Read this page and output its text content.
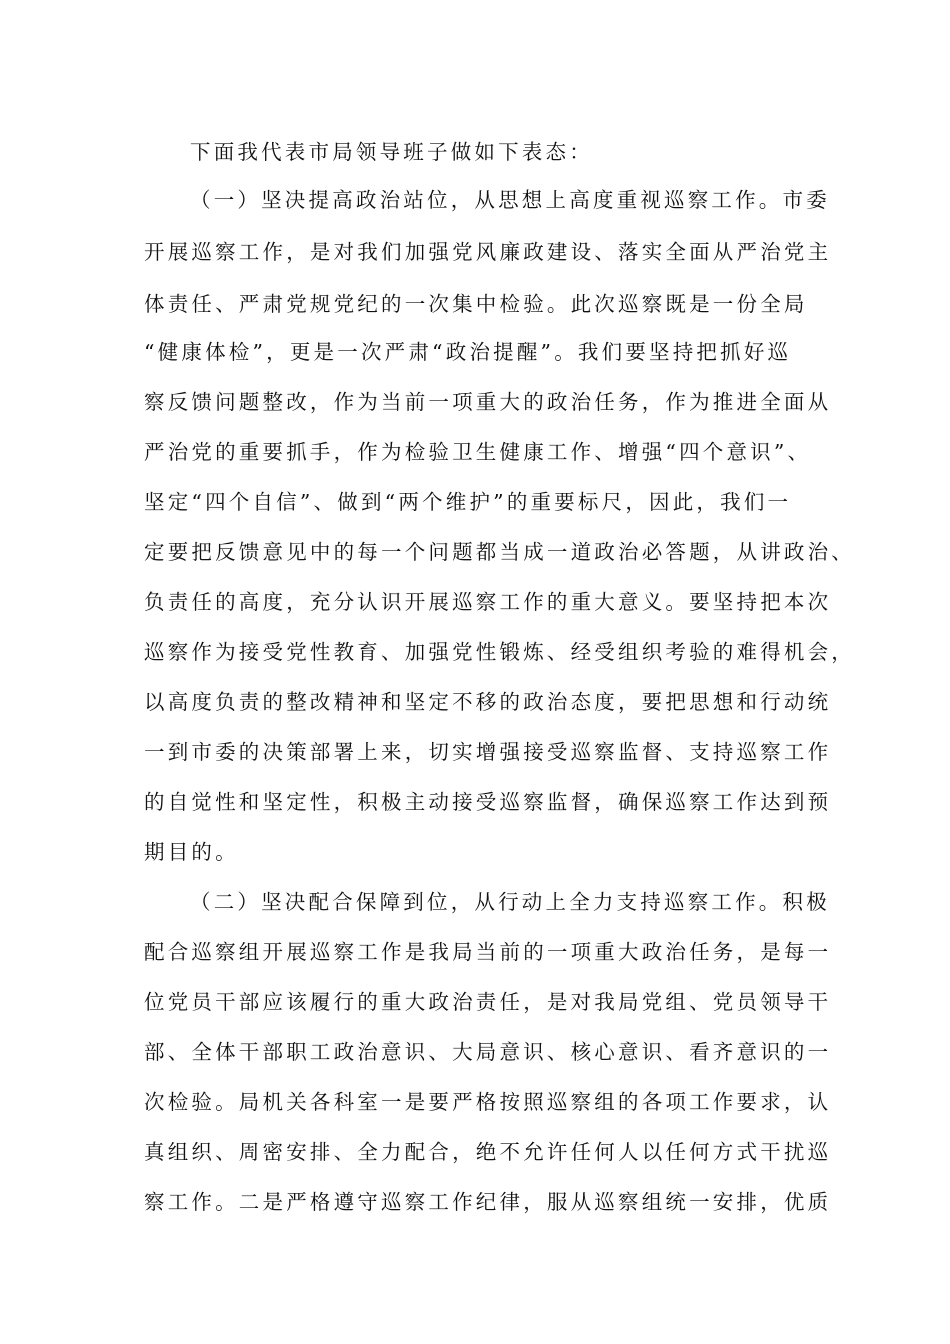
下面我代表市局领导班子做如下表态：
（一）坚决提高政治站位，从思想上高度重视巡察工作。市委
开展巡察工作，是对我们加强党风廉政建设、落实全面从严治党主
体责任、严肃党规党纪的一次集中检验。此次巡察既是一份全局
“健康体检”，更是一次严肃“政治提醒”。我们要坚持把抓好巡
察反馈问题整改，作为当前一项重大的政治任务，作为推进全面从
严治党的重要抓手，作为检验卫生健康工作、增强“四个意识”、
坚定“四个自信”、做到“两个维护”的重要标尺，因此，我们一
定要把反馈意见中的每一个问题都当成一道政治必答题，从讲政治、
负责任的高度，充分认识开展巡察工作的重大意义。要坚持把本次
巡察作为接受党性教育、加强党性锻炼、经受组织考验的难得机会，
以高度负责的整改精神和坚定不移的政治态度，要把思想和行动统
一到市委的决策部署上来，切实增强接受巡察监督、支持巡察工作
的自觉性和坚定性，积极主动接受巡察监督，确保巡察工作达到预
期目的。
（二）坚决配合保障到位，从行动上全力支持巡察工作。积极
配合巡察组开展巡察工作是我局当前的一项重大政治任务，是每一
位党员干部应该履行的重大政治责任，是对我局党组、党员领导干
部、全体干部职工政治意识、大局意识、核心意识、看齐意识的一
次检验。局机关各科室一是要严格按照巡察组的各项工作要求，认
真组织、周密安排、全力配合，绝不允许任何人以任何方式干扰巡
察工作。二是严格遵守巡察工作纪律，服从巡察组统一安排，优质
